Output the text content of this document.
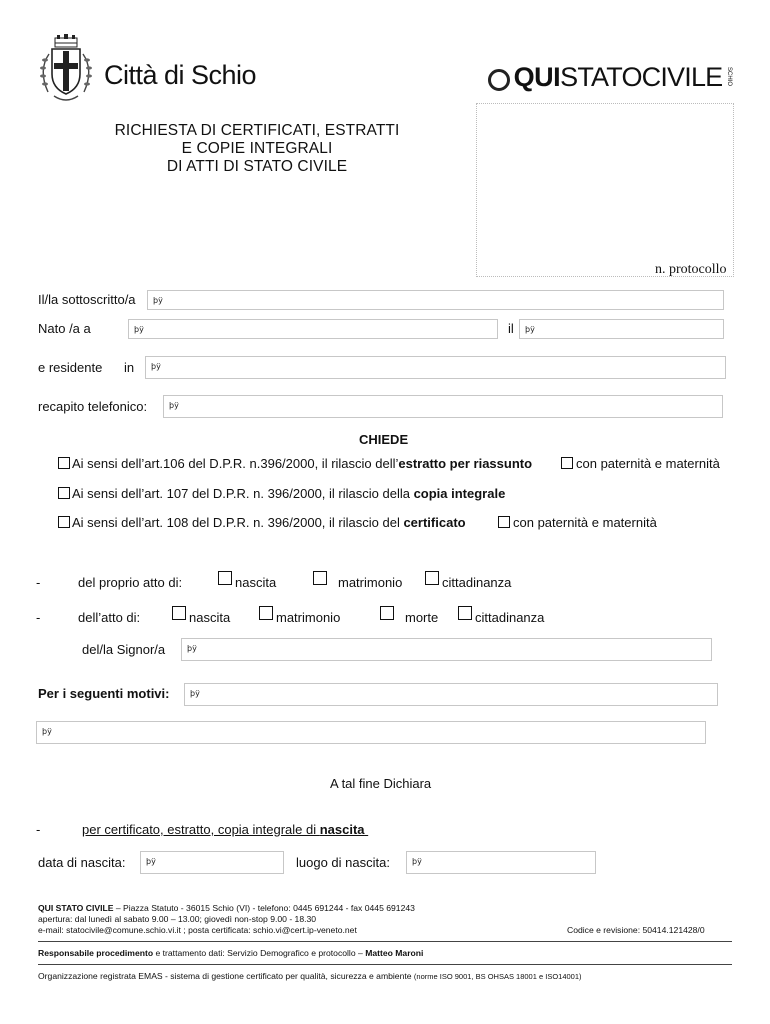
Città di Schio	QUISTATOCIVILE SCHIO
RICHIESTA DI CERTIFICATI, ESTRATTI
E COPIE INTEGRALI
DI ATTI DI STATO CIVILE
n. protocollo
Il/la sottoscritto/a	þÿ
Nato /a a	þÿ	il	þÿ
e residente in	þÿ
recapito telefonico:	þÿ
CHIEDE
Ai sensi dell’art.106 del D.P.R. n.396/2000, il rilascio dell’estratto per riassunto	con paternità e maternità
Ai sensi dell’art. 107 del D.P.R. n. 396/2000, il rilascio della copia integrale
Ai sensi dell’art. 108 del D.P.R. n. 396/2000, il rilascio del certificato	con paternità e maternità
-	del proprio atto di:	nascita	matrimonio	cittadinanza
-	dell’atto di:	nascita	matrimonio	morte	cittadinanza
del/la Signor/a	þÿ
Per i seguenti motivi:	þÿ
þÿ
A tal fine Dichiara
-	per certificato, estratto, copia integrale di nascita
data di nascita:	þÿ	luogo di nascita:	þÿ
QUI STATO CIVILE – Piazza Statuto - 36015 Schio (VI) - telefono: 0445 691244 - fax 0445 691243
apertura: dal lunedì al sabato 9.00 – 13.00; giovedì non-stop 9.00 - 18.30
e-mail: statocivile@comune.schio.vi.it ; posta certificata: schio.vi@cert.ip-veneto.net	Codice e revisione: 50414.121428/0
Responsabile procedimento e trattamento dati: Servizio Demografico e protocollo – Matteo Maroni
Organizzazione registrata EMAS - sistema di gestione certificato per qualità, sicurezza e ambiente (norme ISO 9001, BS OHSAS 18001 e ISO14001)
